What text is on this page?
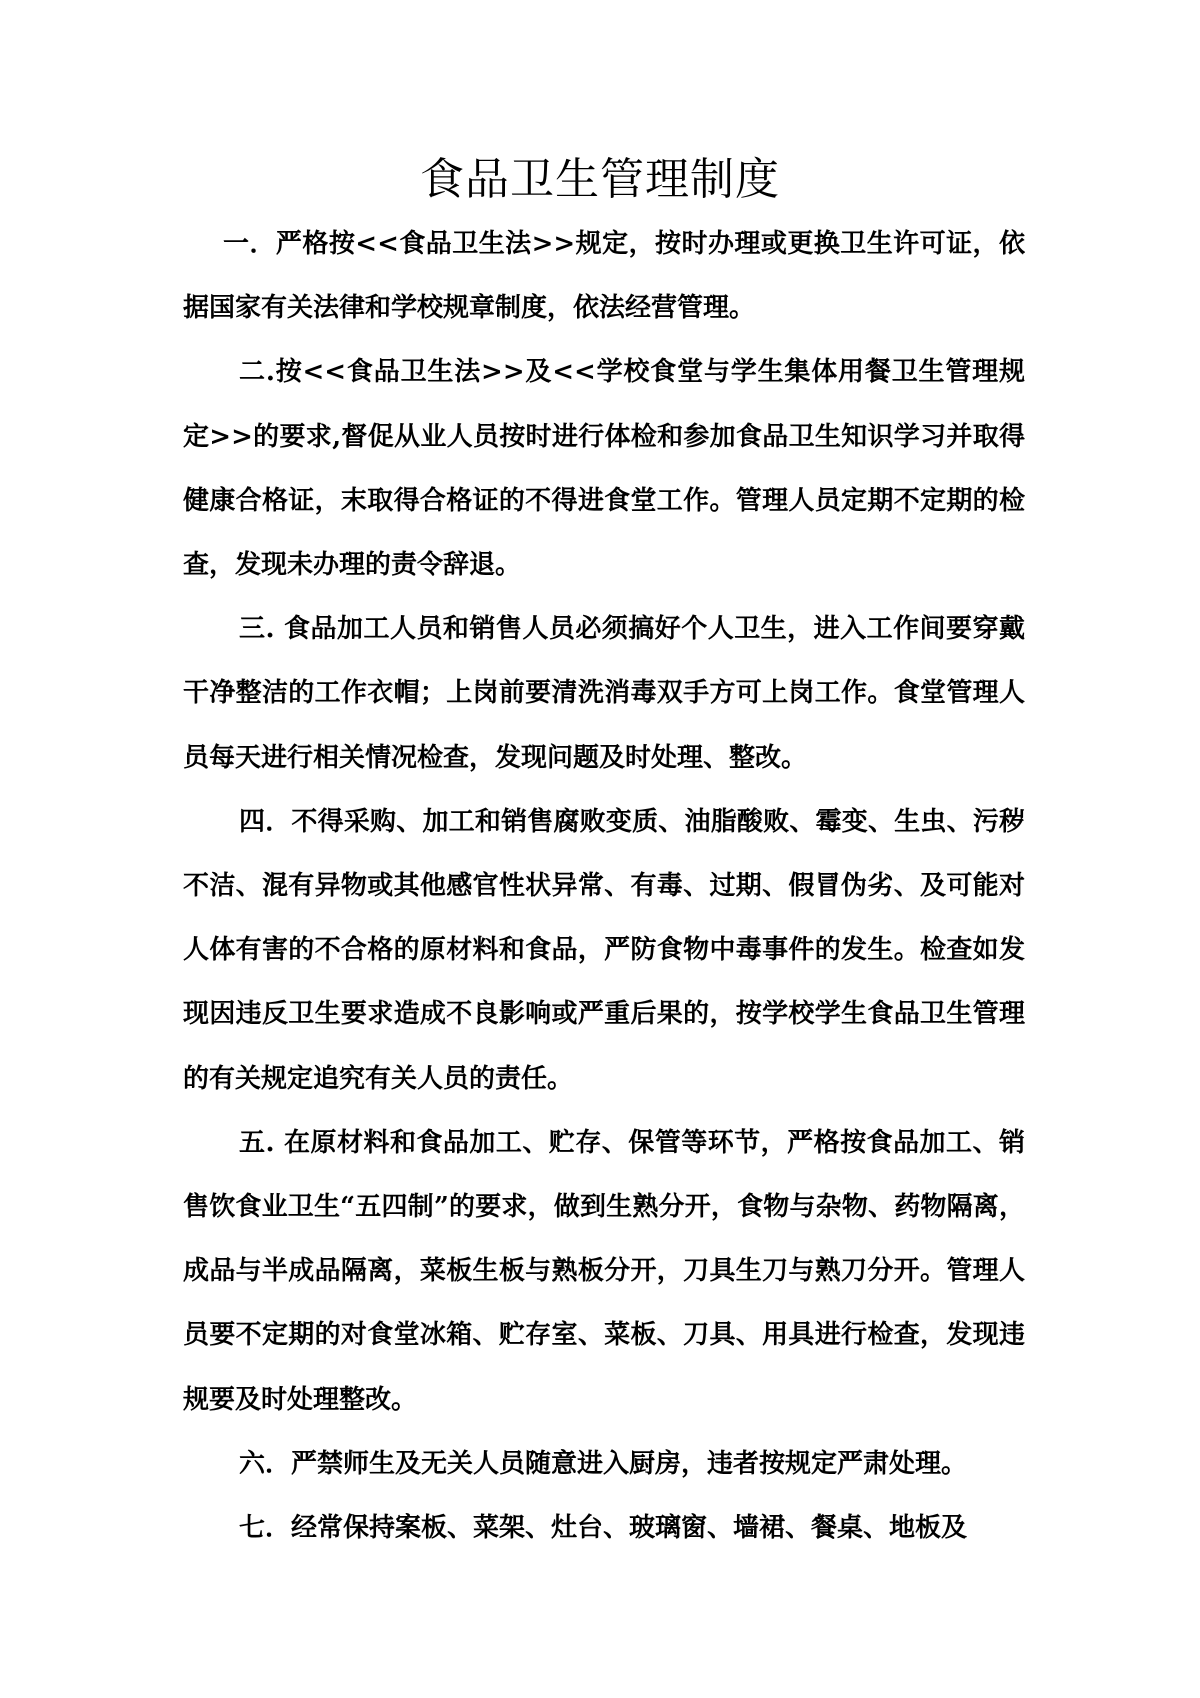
食品卫生管理制度

一．严格按<<食品卫生法>>规定，按时办理或更换卫生许可证，依据国家有关法律和学校规章制度，依法经营管理。

二.按<<食品卫生法>>及<<学校食堂与学生集体用餐卫生管理规定>>的要求,督促从业人员按时进行体检和参加食品卫生知识学习并取得健康合格证，末取得合格证的不得进食堂工作。管理人员定期不定期的检查，发现未办理的责令辞退。

三. 食品加工人员和销售人员必须搞好个人卫生，进入工作间要穿戴干净整洁的工作衣帽；上岗前要清洗消毒双手方可上岗工作。食堂管理人员每天进行相关情况检查，发现问题及时处理、整改。

四．不得采购、加工和销售腐败变质、油脂酸败、霉变、生虫、污秽不洁、混有异物或其他感官性状异常、有毒、过期、假冒伪劣、及可能对人体有害的不合格的原材料和食品，严防食物中毒事件的发生。检查如发现因违反卫生要求造成不良影响或严重后果的，按学校学生食品卫生管理的有关规定追究有关人员的责任。

五. 在原材料和食品加工、贮存、保管等环节，严格按食品加工、销售饮食业卫生“五四制”的要求，做到生熟分开，食物与杂物、药物隔离，成品与半成品隔离，菜板生板与熟板分开，刀具生刀与熟刀分开。管理人员要不定期的对食堂冰箱、贮存室、菜板、刀具、用具进行检查，发现违规要及时处理整改。

六．严禁师生及无关人员随意进入厨房，违者按规定严肃处理。

七．经常保持案板、菜架、灶台、玻璃窗、墙裙、餐桌、地板及
